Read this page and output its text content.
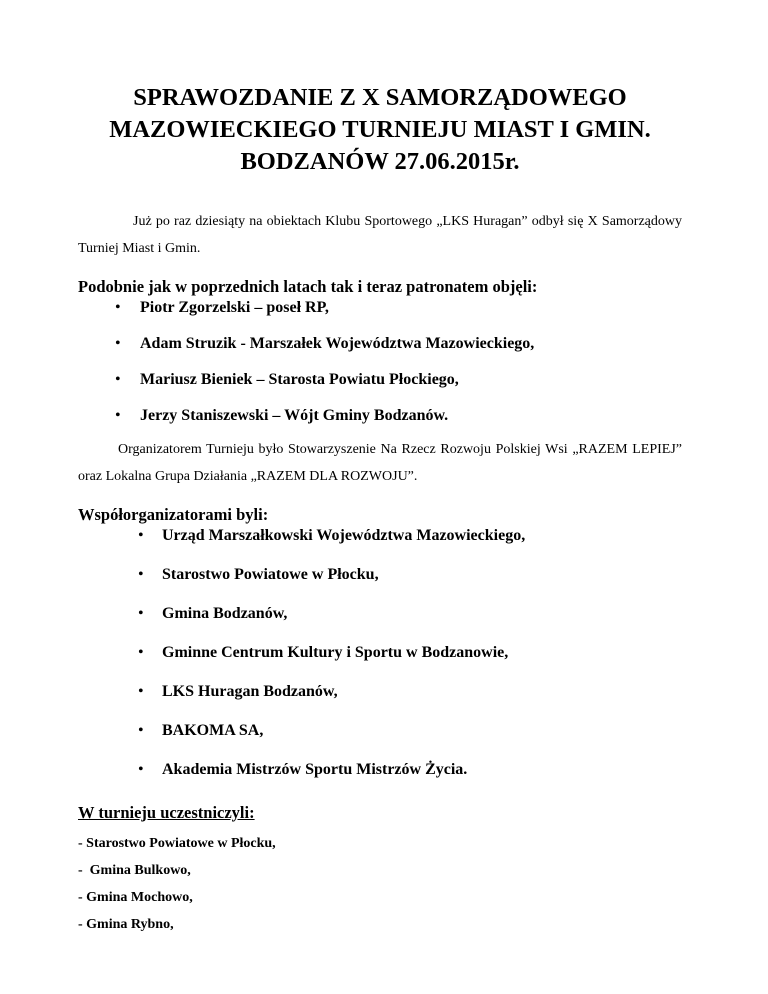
SPRAWOZDANIE Z X SAMORZĄDOWEGO
MAZOWIECKIEGO TURNIEJU MIAST I GMIN.
BODZANÓW 27.06.2015r.

Już po raz dziesiąty na obiektach Klubu Sportowego „LKS Huragan” odbył się X Samorządowy Turniej Miast i Gmin.

Podobnie jak w poprzednich latach tak i teraz patronatem objęli:

• Piotr Zgorzelski – poseł RP,
• Adam Struzik - Marszałek Województwa Mazowieckiego,
• Mariusz Bieniek – Starosta Powiatu Płockiego,
• Jerzy Staniszewski – Wójt Gminy Bodzanów.

Organizatorem Turnieju było Stowarzyszenie Na Rzecz Rozwoju Polskiej Wsi „RAZEM LEPIEJ” oraz Lokalna Grupa Działania „RAZEM DLA ROZWOJU”.

Współorganizatorami byli:

• Urząd Marszałkowski Województwa Mazowieckiego,
• Starostwo Powiatowe w Płocku,
• Gmina Bodzanów,
• Gminne Centrum Kultury i Sportu w Bodzanowie,
• LKS Huragan Bodzanów,
• BAKOMA SA,
• Akademia Mistrzów Sportu Mistrzów Życia.

W turnieju uczestniczyli:

- Starostwo Powiatowe w Płocku,
-  Gmina Bulkowo,
- Gmina Mochowo,
- Gmina Rybno,
